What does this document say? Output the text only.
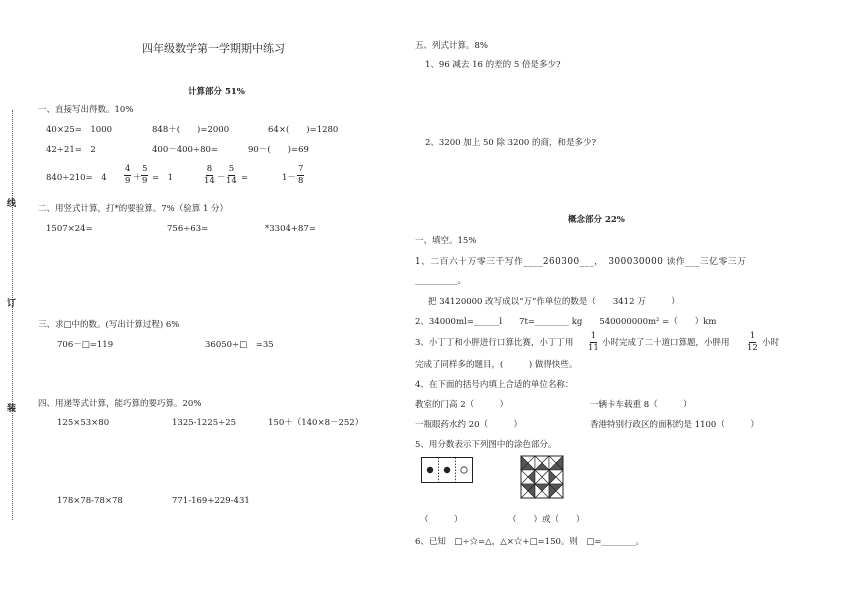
线
订
装
四年级数学第一学期期中练习
计算部分 51%
一、直接写出得数。10%
40×25=　1000	848＋(　　)=2000	64×(　　)=1280
42÷21=　2	400－400÷80=	90－(　　)=69
840÷210=　$4 \frac{4}{9} + \frac{5}{9}$ =　1	$\frac{8}{14} - \frac{5}{14}$ =	$1- \frac{7}{8}$
二、用竖式计算，打*的要验算。7%（验算 1 分）
1507×24=	756÷63=	*3304+87=
三、求□中的数。(写出计算过程) 6%
706－□=119	36050÷□　=35
四、用递等式计算，能巧算的要巧算。20%
125×53×80	1325-1225÷25	150＋（140×8－252）
178×78-78×78	771-169+229-431
五、列式计算。8%
1、96 减去 16 的差的 5 倍是多少?
2、3200 加上 50 除 3200 的商，和是多少?
概念部分 22%
一、填空。15%
1、二百六十万零三千写作____260300___，　300030000 读作___三亿零三万
__________。
把 34120000 改写成以“万”作单位的数是（　　3412 万　　　）
2、34000ml=______l　　7t=________ kg　　540000000m² =（　　）km
3、小丁丁和小胖进行口算比赛，小丁丁用 $\frac{1}{11}$ 小时完成了二十道口算题，小胖用 $\frac{1}{12}$ 小时
完成了同样多的题目，(　　　) 做得快些。
4、在下面的括号内填上合适的单位名称：
教室的门高 2（　　　）	一辆卡车载重 8（　　　）
一瓶眼药水约 20（　　　）	香港特别行政区的面积约是 1100（　　　）
5、用分数表示下列图中的涂色部分。
（　　　）	（　　）或（　　）
6、已知　□÷☆=△，△×☆+□=150。则　□=________。
